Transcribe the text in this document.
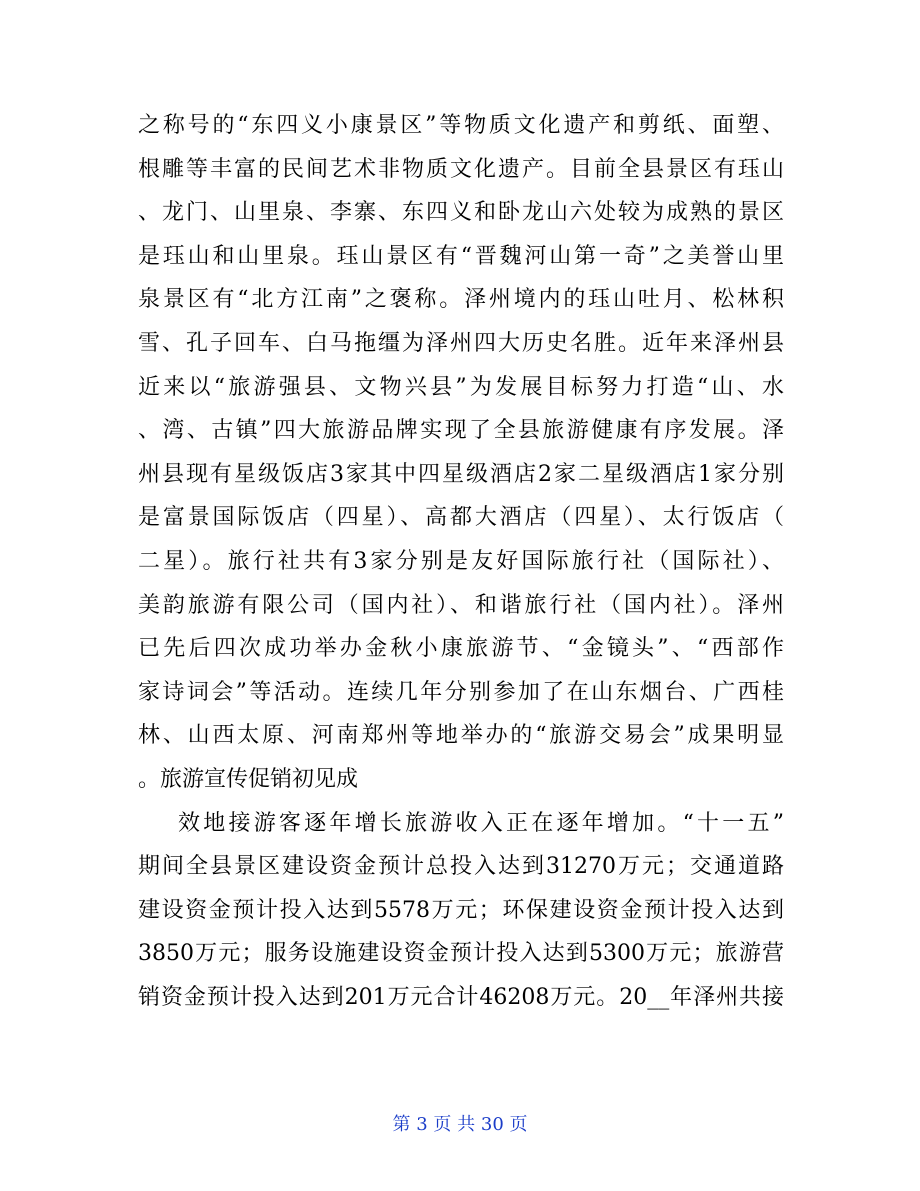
之称号的“东四义小康景区”等物质文化遗产和剪纸、面塑、
根雕等丰富的民间艺术非物质文化遗产。目前全县景区有珏山
、龙门、山里泉、李寨、东四义和卧龙山六处较为成熟的景区
是珏山和山里泉。珏山景区有“晋魏河山第一奇”之美誉山里
泉景区有“北方江南”之褒称。泽州境内的珏山吐月、松林积
雪、孔子回车、白马拖缰为泽州四大历史名胜。近年来泽州县
近来以“旅游强县、文物兴县”为发展目标努力打造“山、水
、湾、古镇”四大旅游品牌实现了全县旅游健康有序发展。泽
州县现有星级饭店3家其中四星级酒店2家二星级酒店1家分别
是富景国际饭店（四星）、高都大酒店（四星）、太行饭店（
二星）。旅行社共有3家分别是友好国际旅行社（国际社）、
美韵旅游有限公司（国内社）、和谐旅行社（国内社）。泽州
已先后四次成功举办金秋小康旅游节、“金镜头”、“西部作
家诗词会”等活动。连续几年分别参加了在山东烟台、广西桂
林、山西太原、河南郑州等地举办的“旅游交易会”成果明显
。旅游宣传促销初见成
效地接游客逐年增长旅游收入正在逐年增加。“十一五”
期间全县景区建设资金预计总投入达到31270万元；交通道路
建设资金预计投入达到5578万元；环保建设资金预计投入达到
3850万元；服务设施建设资金预计投入达到5300万元；旅游营
销资金预计投入达到201万元合计46208万元。20__年泽州共接
第 3 页 共 30 页
